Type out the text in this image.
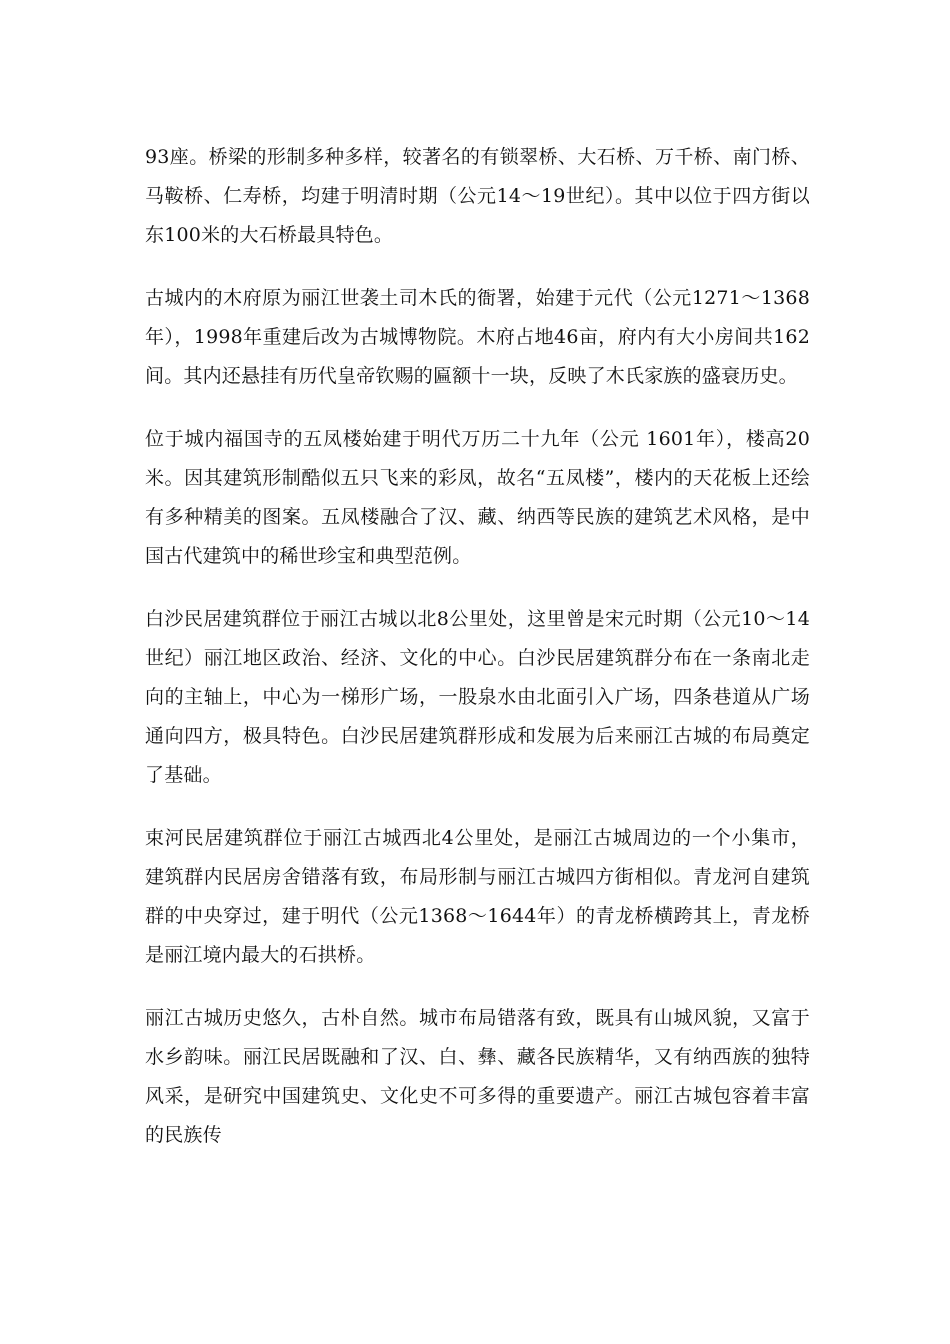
93座。桥梁的形制多种多样，较著名的有锁翠桥、大石桥、万千桥、南门桥、马鞍桥、仁寿桥，均建于明清时期（公元14～19世纪）。其中以位于四方街以东100米的大石桥最具特色。

古城内的木府原为丽江世袭土司木氏的衙署，始建于元代（公元1271～1368年），1998年重建后改为古城博物院。木府占地46亩，府内有大小房间共162间。其内还悬挂有历代皇帝钦赐的匾额十一块，反映了木氏家族的盛衰历史。

位于城内福国寺的五凤楼始建于明代万历二十九年（公元 1601年），楼高20米。因其建筑形制酷似五只飞来的彩凤，故名“五凤楼”，楼内的天花板上还绘有多种精美的图案。五凤楼融合了汉、藏、纳西等民族的建筑艺术风格，是中国古代建筑中的稀世珍宝和典型范例。

白沙民居建筑群位于丽江古城以北8公里处，这里曾是宋元时期（公元10～14世纪）丽江地区政治、经济、文化的中心。白沙民居建筑群分布在一条南北走向的主轴上，中心为一梯形广场，一股泉水由北面引入广场，四条巷道从广场通向四方，极具特色。白沙民居建筑群形成和发展为后来丽江古城的布局奠定了基础。

束河民居建筑群位于丽江古城西北4公里处，是丽江古城周边的一个小集市，建筑群内民居房舍错落有致，布局形制与丽江古城四方街相似。青龙河自建筑群的中央穿过，建于明代（公元1368～1644年）的青龙桥横跨其上，青龙桥是丽江境内最大的石拱桥。

丽江古城历史悠久，古朴自然。城市布局错落有致，既具有山城风貌，又富于水乡韵味。丽江民居既融和了汉、白、彝、藏各民族精华，又有纳西族的独特风采，是研究中国建筑史、文化史不可多得的重要遗产。丽江古城包容着丰富的民族传
